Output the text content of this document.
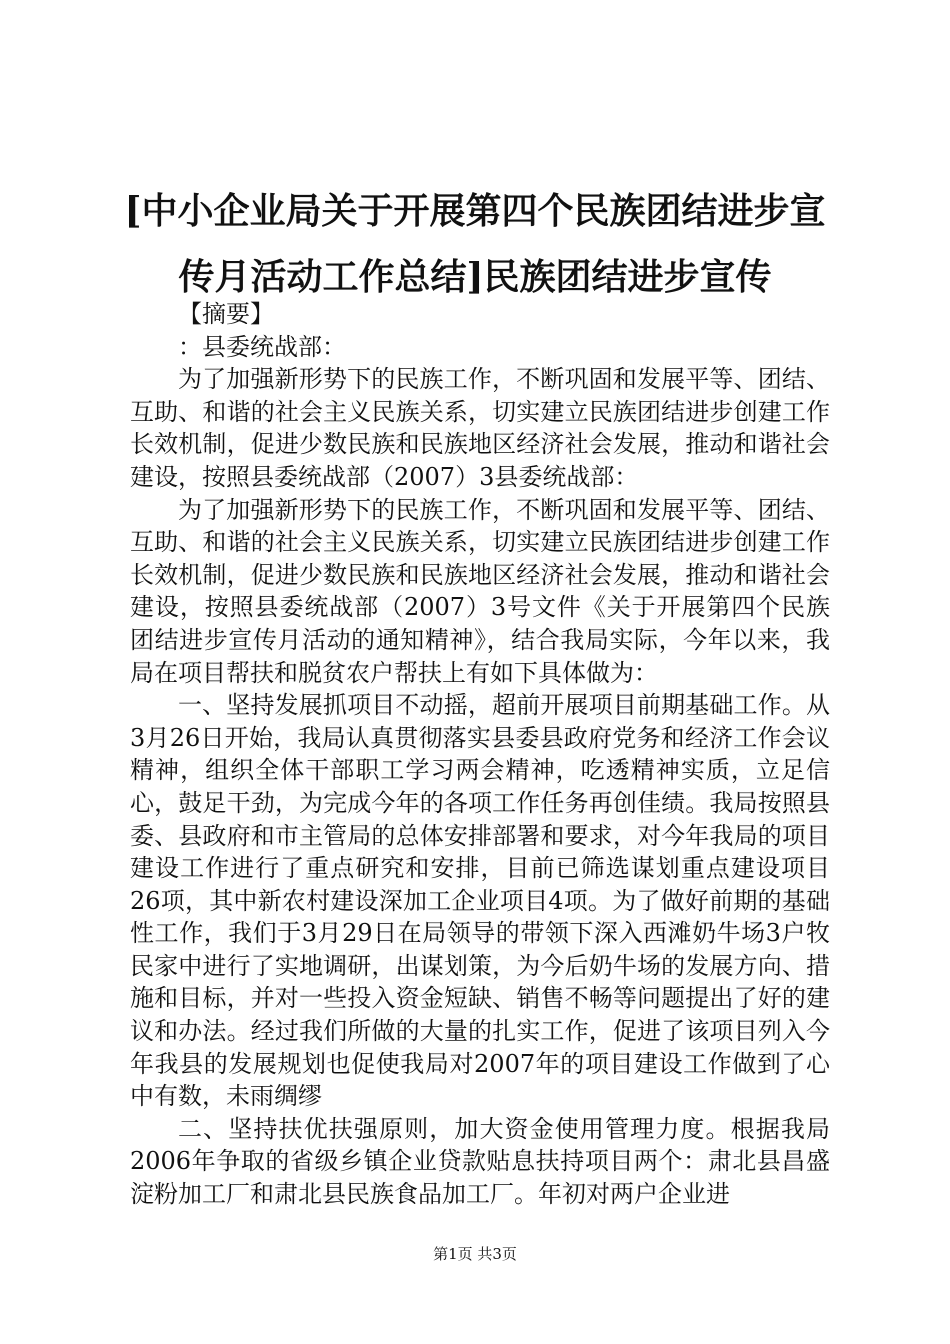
[中小企业局关于开展第四个民族团结进步宣传月活动工作总结]民族团结进步宣传

【摘要】

：县委统战部：

为了加强新形势下的民族工作，不断巩固和发展平等、团结、互助、和谐的社会主义民族关系，切实建立民族团结进步创建工作长效机制，促进少数民族和民族地区经济社会发展，推动和谐社会建设，按照县委统战部（2007）3县委统战部：

为了加强新形势下的民族工作，不断巩固和发展平等、团结、互助、和谐的社会主义民族关系，切实建立民族团结进步创建工作长效机制，促进少数民族和民族地区经济社会发展，推动和谐社会建设，按照县委统战部（2007）3号文件《关于开展第四个民族团结进步宣传月活动的通知精神》，结合我局实际，今年以来，我局在项目帮扶和脱贫农户帮扶上有如下具体做为：

一、坚持发展抓项目不动摇，超前开展项目前期基础工作。从3月26日开始，我局认真贯彻落实县委县政府党务和经济工作会议精神，组织全体干部职工学习两会精神，吃透精神实质，立足信心，鼓足干劲，为完成今年的各项工作任务再创佳绩。我局按照县委、县政府和市主管局的总体安排部署和要求，对今年我局的项目建设工作进行了重点研究和安排，目前已筛选谋划重点建设项目26项，其中新农村建设深加工企业项目4项。为了做好前期的基础性工作，我们于3月29日在局领导的带领下深入西滩奶牛场3户牧民家中进行了实地调研，出谋划策，为今后奶牛场的发展方向、措施和目标，并对一些投入资金短缺、销售不畅等问题提出了好的建议和办法。经过我们所做的大量的扎实工作，促进了该项目列入今年我县的发展规划也促使我局对2007年的项目建设工作做到了心中有数，未雨绸缪

二、坚持扶优扶强原则，加大资金使用管理力度。根据我局2006年争取的省级乡镇企业贷款贴息扶持项目两个：肃北县昌盛淀粉加工厂和肃北县民族食品加工厂。年初对两户企业进

第1页 共3页
